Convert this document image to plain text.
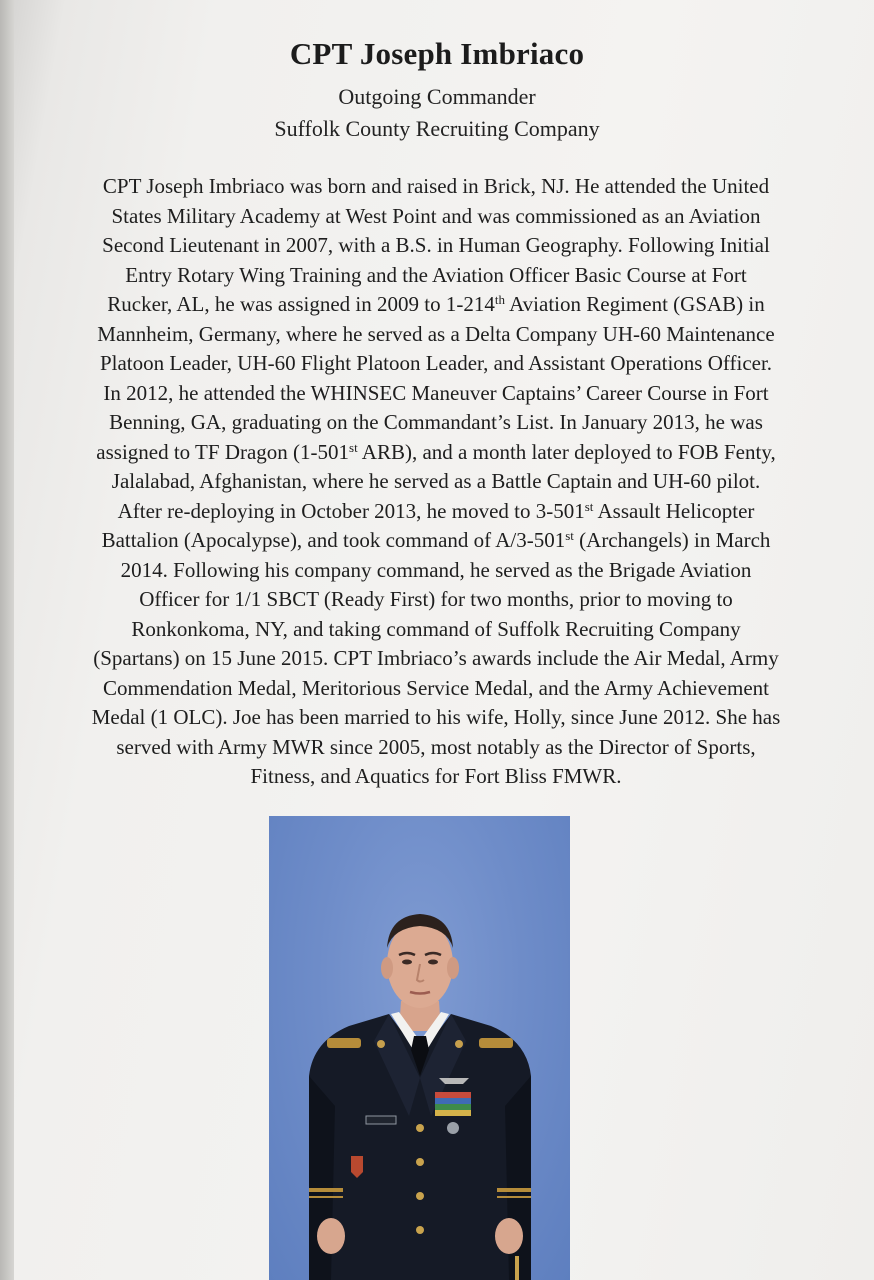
CPT Joseph Imbriaco
Outgoing Commander
Suffolk County Recruiting Company
CPT Joseph Imbriaco was born and raised in Brick, NJ. He attended the United
States Military Academy at West Point and was commissioned as an Aviation
Second Lieutenant in 2007, with a B.S. in Human Geography. Following Initial
Entry Rotary Wing Training and the Aviation Officer Basic Course at Fort
Rucker, AL, he was assigned in 2009 to 1-214th Aviation Regiment (GSAB) in
Mannheim, Germany, where he served as a Delta Company UH-60 Maintenance
Platoon Leader, UH-60 Flight Platoon Leader, and Assistant Operations Officer.
In 2012, he attended the WHINSEC Maneuver Captains’ Career Course in Fort
Benning, GA, graduating on the Commandant’s List. In January 2013, he was
assigned to TF Dragon (1-501st ARB), and a month later deployed to FOB Fenty,
Jalalabad, Afghanistan, where he served as a Battle Captain and UH-60 pilot.
After re-deploying in October 2013, he moved to 3-501st Assault Helicopter
Battalion (Apocalypse), and took command of A/3-501st (Archangels) in March
2014. Following his company command, he served as the Brigade Aviation
Officer for 1/1 SBCT (Ready First) for two months, prior to moving to
Ronkonkoma, NY, and taking command of Suffolk Recruiting Company
(Spartans) on 15 June 2015. CPT Imbriaco’s awards include the Air Medal, Army
Commendation Medal, Meritorious Service Medal, and the Army Achievement
Medal (1 OLC). Joe has been married to his wife, Holly, since June 2012. She has
served with Army MWR since 2005, most notably as the Director of Sports,
Fitness, and Aquatics for Fort Bliss FMWR.
